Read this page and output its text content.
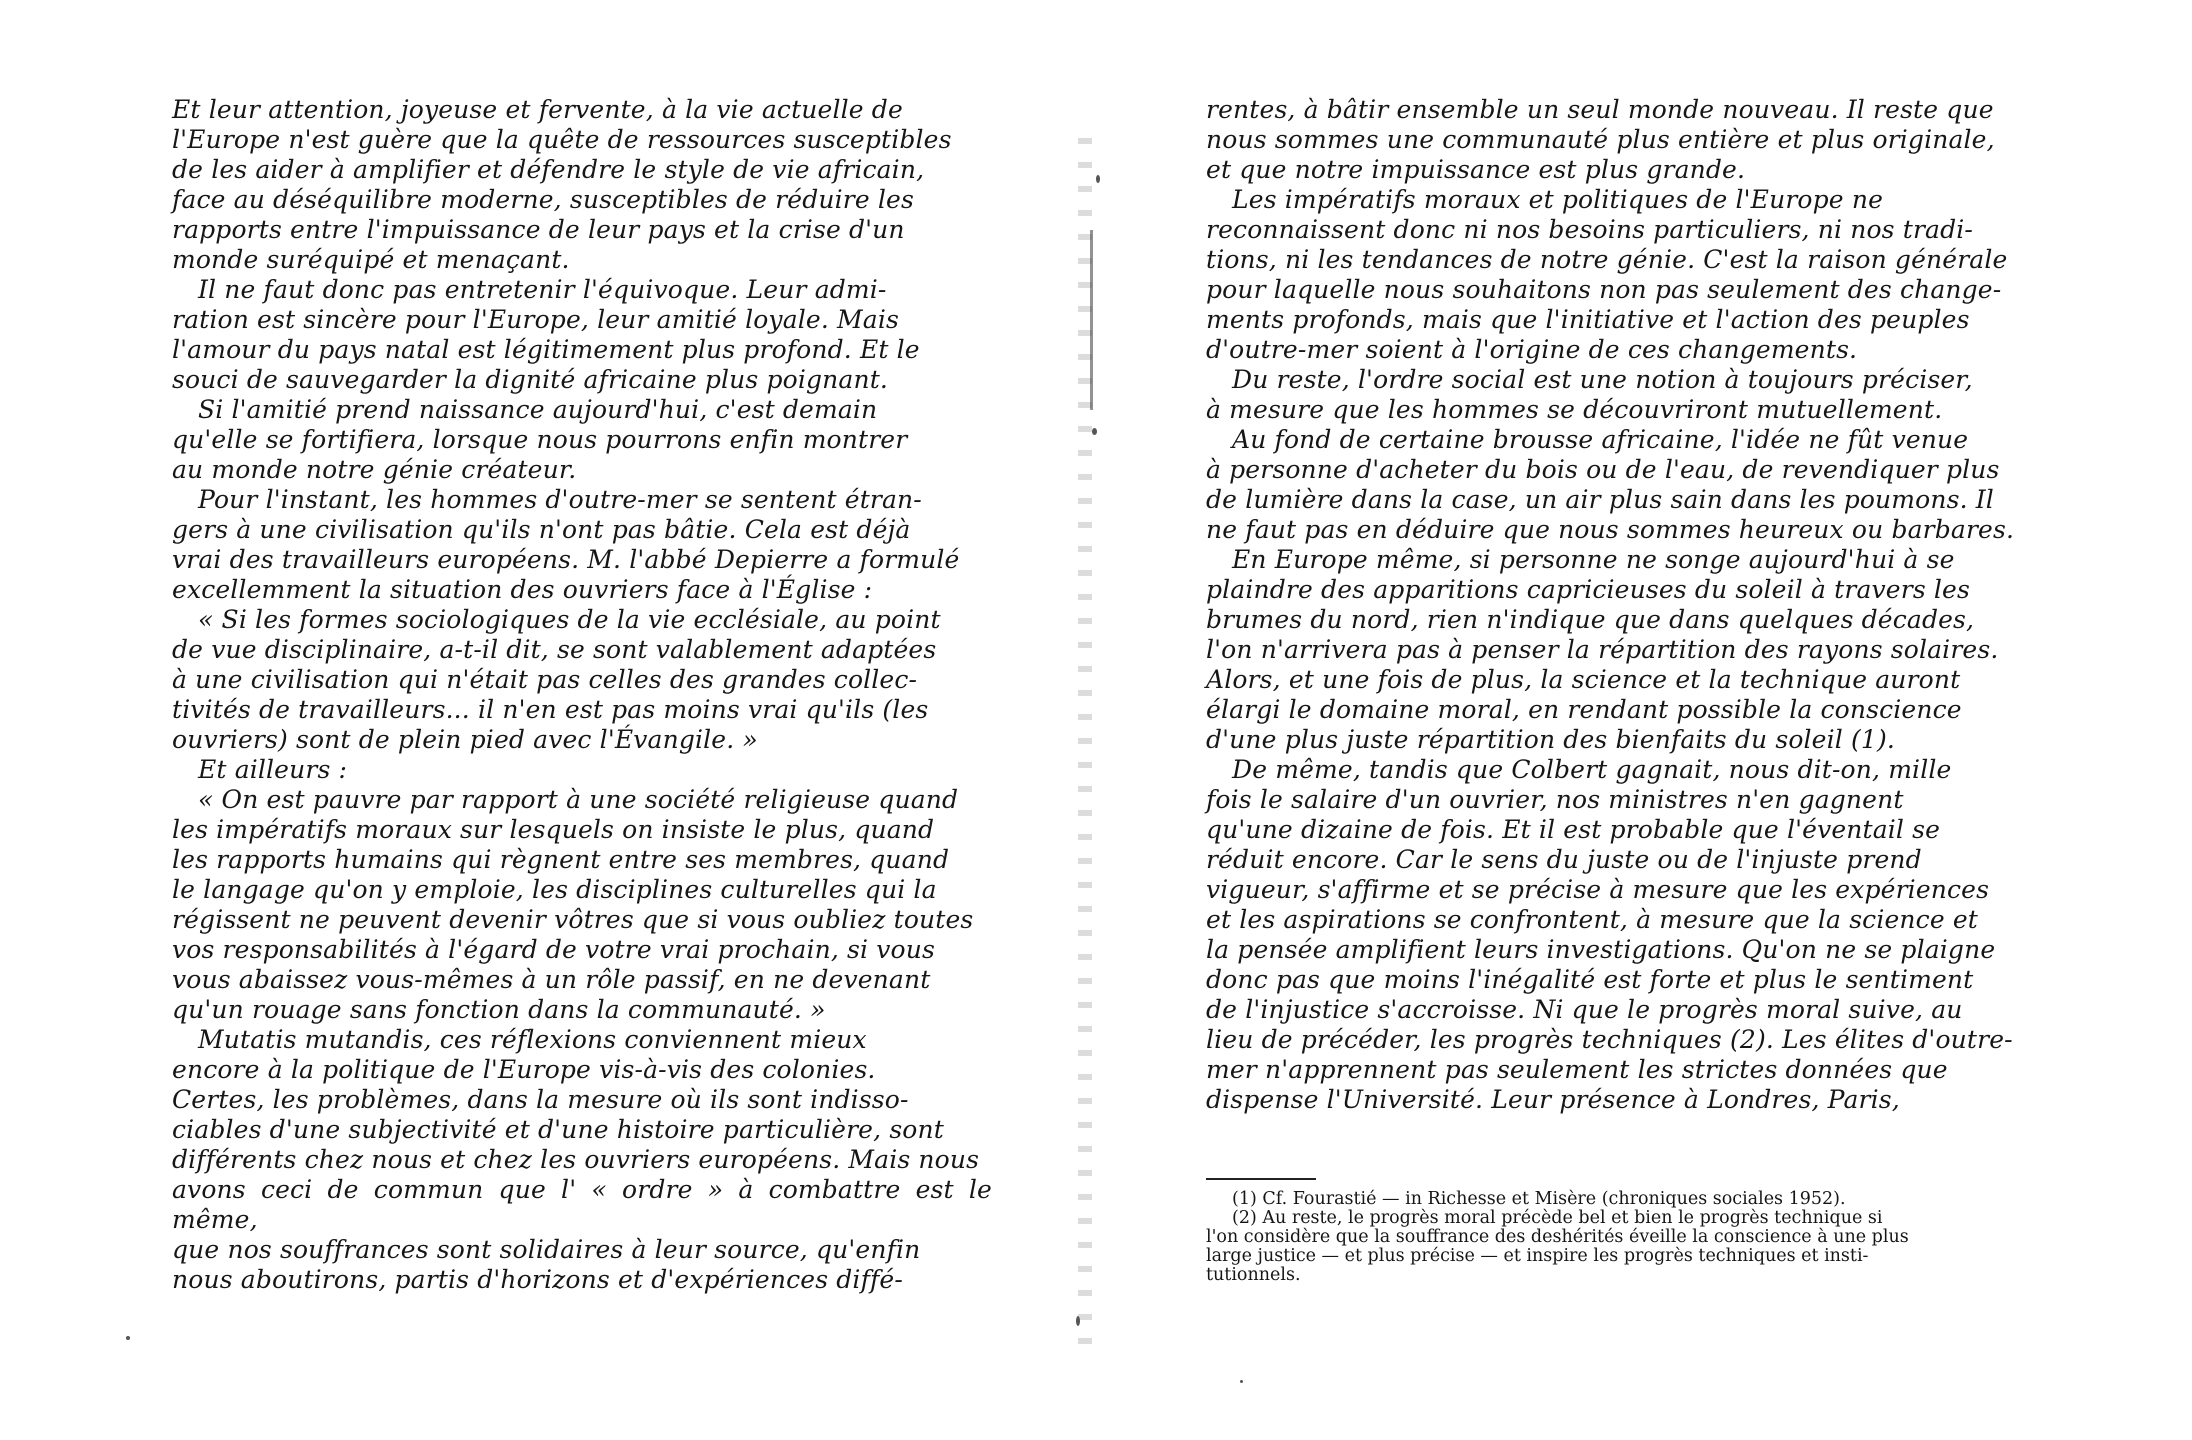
Et leur attention, joyeuse et fervente, à la vie actuelle de
l'Europe n'est guère que la quête de ressources susceptibles
de les aider à amplifier et défendre le style de vie africain,
face au déséquilibre moderne, susceptibles de réduire les
rapports entre l'impuissance de leur pays et la crise d'un
monde suréquipé et menaçant.

Il ne faut donc pas entretenir l'équivoque. Leur admi-
ration est sincère pour l'Europe, leur amitié loyale. Mais
l'amour du pays natal est légitimement plus profond. Et le
souci de sauvegarder la dignité africaine plus poignant.

Si l'amitié prend naissance aujourd'hui, c'est demain
qu'elle se fortifiera, lorsque nous pourrons enfin montrer
au monde notre génie créateur.

Pour l'instant, les hommes d'outre-mer se sentent étran-
gers à une civilisation qu'ils n'ont pas bâtie. Cela est déjà
vrai des travailleurs européens. M. l'abbé Depierre a formulé
excellemment la situation des ouvriers face à l'Église :

« Si les formes sociologiques de la vie ecclésiale, au point
de vue disciplinaire, a-t-il dit, se sont valablement adaptées
à une civilisation qui n'était pas celles des grandes collec-
tivités de travailleurs... il n'en est pas moins vrai qu'ils (les
ouvriers) sont de plein pied avec l'Évangile. »

Et ailleurs :

« On est pauvre par rapport à une société religieuse quand
les impératifs moraux sur lesquels on insiste le plus, quand
les rapports humains qui règnent entre ses membres, quand
le langage qu'on y emploie, les disciplines culturelles qui la
régissent ne peuvent devenir vôtres que si vous oubliez toutes
vos responsabilités à l'égard de votre vrai prochain, si vous
vous abaissez vous-mêmes à un rôle passif, en ne devenant
qu'un rouage sans fonction dans la communauté. »

Mutatis mutandis, ces réflexions conviennent mieux
encore à la politique de l'Europe vis-à-vis des colonies.
Certes, les problèmes, dans la mesure où ils sont indisso-
ciables d'une subjectivité et d'une histoire particulière, sont
différents chez nous et chez les ouvriers européens. Mais nous
avons ceci de commun que l' « ordre » à combattre est le même,
que nos souffrances sont solidaires à leur source, qu'enfin
nous aboutirons, partis d'horizons et d'expériences diffé-

rentes, à bâtir ensemble un seul monde nouveau. Il reste que
nous sommes une communauté plus entière et plus originale,
et que notre impuissance est plus grande.

Les impératifs moraux et politiques de l'Europe ne
reconnaissent donc ni nos besoins particuliers, ni nos tradi-
tions, ni les tendances de notre génie. C'est la raison générale
pour laquelle nous souhaitons non pas seulement des change-
ments profonds, mais que l'initiative et l'action des peuples
d'outre-mer soient à l'origine de ces changements.

Du reste, l'ordre social est une notion à toujours préciser,
à mesure que les hommes se découvriront mutuellement.

Au fond de certaine brousse africaine, l'idée ne fût venue
à personne d'acheter du bois ou de l'eau, de revendiquer plus
de lumière dans la case, un air plus sain dans les poumons. Il
ne faut pas en déduire que nous sommes heureux ou barbares.

En Europe même, si personne ne songe aujourd'hui à se
plaindre des apparitions capricieuses du soleil à travers les
brumes du nord, rien n'indique que dans quelques décades,
l'on n'arrivera pas à penser la répartition des rayons solaires.
Alors, et une fois de plus, la science et la technique auront
élargi le domaine moral, en rendant possible la conscience
d'une plus juste répartition des bienfaits du soleil (1).

De même, tandis que Colbert gagnait, nous dit-on, mille
fois le salaire d'un ouvrier, nos ministres n'en gagnent
qu'une dizaine de fois. Et il est probable que l'éventail se
réduit encore. Car le sens du juste ou de l'injuste prend
vigueur, s'affirme et se précise à mesure que les expériences
et les aspirations se confrontent, à mesure que la science et
la pensée amplifient leurs investigations. Qu'on ne se plaigne
donc pas que moins l'inégalité est forte et plus le sentiment
de l'injustice s'accroisse. Ni que le progrès moral suive, au
lieu de précéder, les progrès techniques (2). Les élites d'outre-
mer n'apprennent pas seulement les strictes données que
dispense l'Université. Leur présence à Londres, Paris,

(1) Cf. Fourastié — in Richesse et Misère (chroniques sociales 1952).

(2) Au reste, le progrès moral précède bel et bien le progrès technique si
l'on considère que la souffrance des deshérités éveille la conscience à une plus
large justice — et plus précise — et inspire les progrès techniques et insti-
tutionnels.
